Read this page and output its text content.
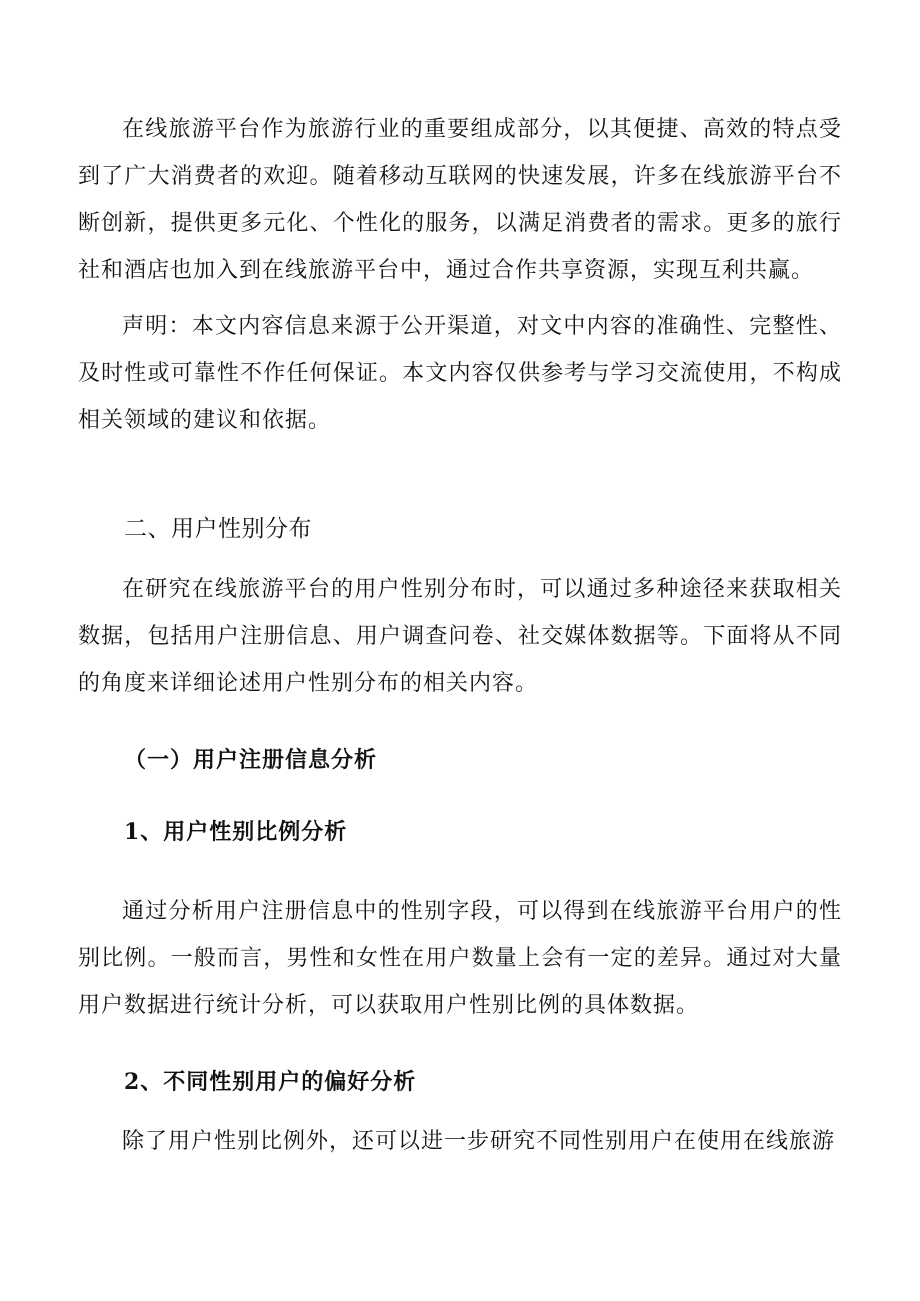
在线旅游平台作为旅游行业的重要组成部分，以其便捷、高效的特点受到了广大消费者的欢迎。随着移动互联网的快速发展，许多在线旅游平台不断创新，提供更多元化、个性化的服务，以满足消费者的需求。更多的旅行社和酒店也加入到在线旅游平台中，通过合作共享资源，实现互利共赢。

声明：本文内容信息来源于公开渠道，对文中内容的准确性、完整性、及时性或可靠性不作任何保证。本文内容仅供参考与学习交流使用，不构成相关领域的建议和依据。

二、用户性别分布

在研究在线旅游平台的用户性别分布时，可以通过多种途径来获取相关数据，包括用户注册信息、用户调查问卷、社交媒体数据等。下面将从不同的角度来详细论述用户性别分布的相关内容。

（一）用户注册信息分析
1、用户性别比例分析

通过分析用户注册信息中的性别字段，可以得到在线旅游平台用户的性别比例。一般而言，男性和女性在用户数量上会有一定的差异。通过对大量用户数据进行统计分析，可以获取用户性别比例的具体数据。

2、不同性别用户的偏好分析

除了用户性别比例外，还可以进一步研究不同性别用户在使用在线旅游
